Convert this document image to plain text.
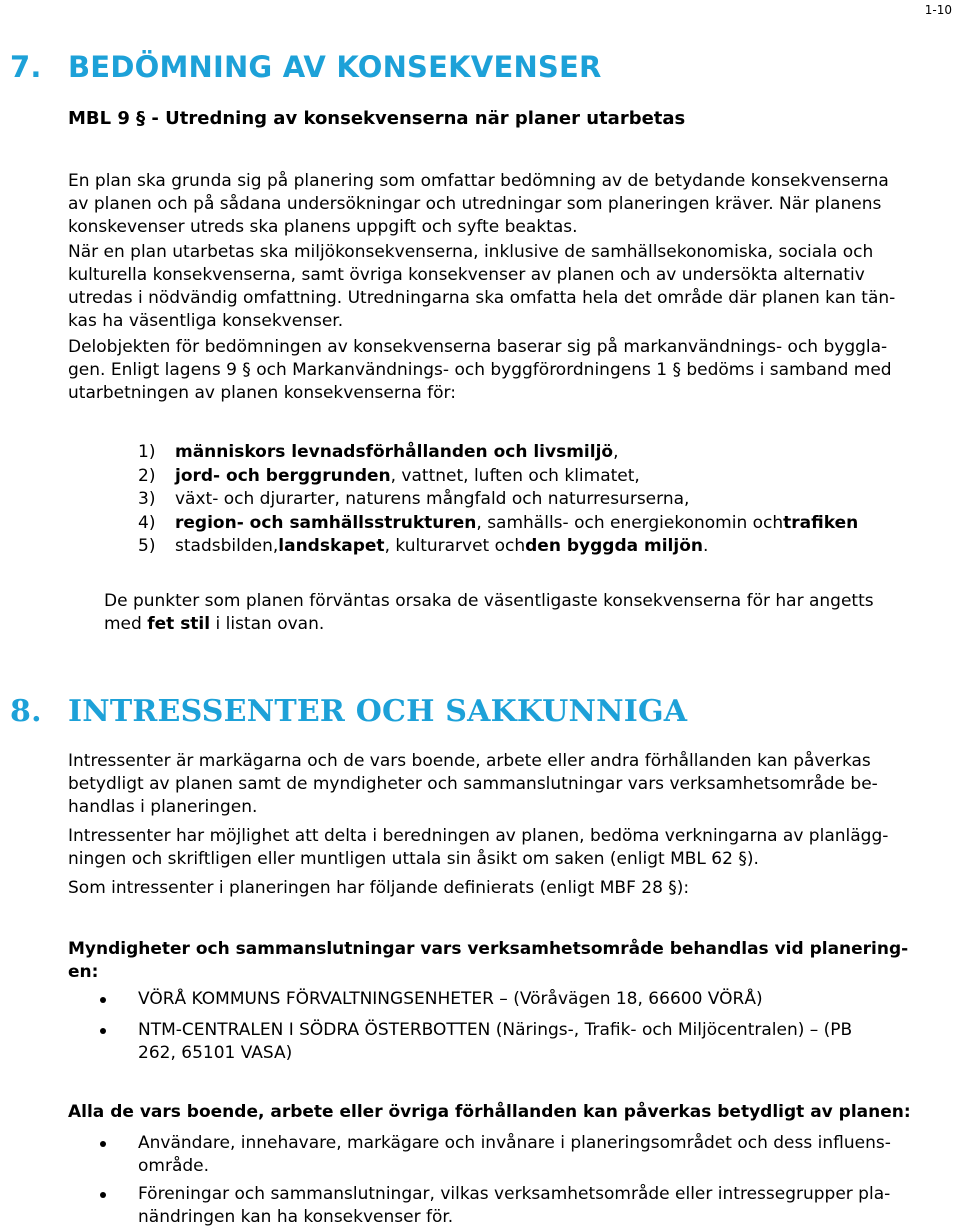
1-10
7. BEDÖMNING AV KONSEKVENSER
MBL 9 § - Utredning av konsekvenserna när planer utarbetas

En plan ska grunda sig på planering som omfattar bedömning av de betydande konsekvenserna
av planen och på sådana undersökningar och utredningar som planeringen kräver. När planens
konskevenser utreds ska planens uppgift och syfte beaktas.

När en plan utarbetas ska miljökonsekvenserna, inklusive de samhällsekonomiska, sociala och
kulturella konsekvenserna, samt övriga konsekvenser av planen och av undersökta alternativ
utredas i nödvändig omfattning. Utredningarna ska omfatta hela det område där planen kan tän-
kas ha väsentliga konsekvenser.

Delobjekten för bedömningen av konsekvenserna baserar sig på markanvändnings- och byggla-
gen. Enligt lagens 9 § och Markanvändnings- och byggförordningens 1 § bedöms i samband med
utarbetningen av planen konsekvenserna för:

1)	människors levnadsförhållanden och livsmiljö ,
2)	jord- och berggrunden , vattnet, luften och klimatet,
3)	växt- och djurarter, naturens mångfald och naturresurserna,
4)	region- och samhällsstrukturen , samhälls- och energiekonomin och trafiken
5)	stadsbilden, landskapet , kulturarvet och den byggda miljön .

De punkter som planen förväntas orsaka de väsentligaste konsekvenserna för har angetts
med fet stil i listan ovan.

8. INTRESSENTER OCH SAKKUNNIGA

Intressenter är markägarna och de vars boende, arbete eller andra förhållanden kan påverkas
betydligt av planen samt de myndigheter och sammanslutningar vars verksamhetsområde be-
handlas i planeringen.

Intressenter har möjlighet att delta i beredningen av planen, bedöma verkningarna av planlägg-
ningen och skriftligen eller muntligen uttala sin åsikt om saken (enligt MBL 62 §).

Som intressenter i planeringen har följande definierats (enligt MBF 28 §):

Myndigheter och sammanslutningar vars verksamhetsområde behandlas vid planering-
en:

VÖRÅ KOMMUNS FÖRVALTNINGSENHETER – (Vöråvägen 18, 66600 VÖRÅ)
NTM-CENTRALEN I SÖDRA ÖSTERBOTTEN (Närings-, Trafik- och Miljöcentralen) – (PB
262, 65101 VASA)

Alla de vars boende, arbete eller övriga förhållanden kan påverkas betydligt av planen:

Användare, innehavare, markägare och invånare i planeringsområdet och dess influens-
område.
Föreningar och sammanslutningar, vilkas verksamhetsområde eller intressegrupper pla-
nändringen kan ha konsekvenser för.
